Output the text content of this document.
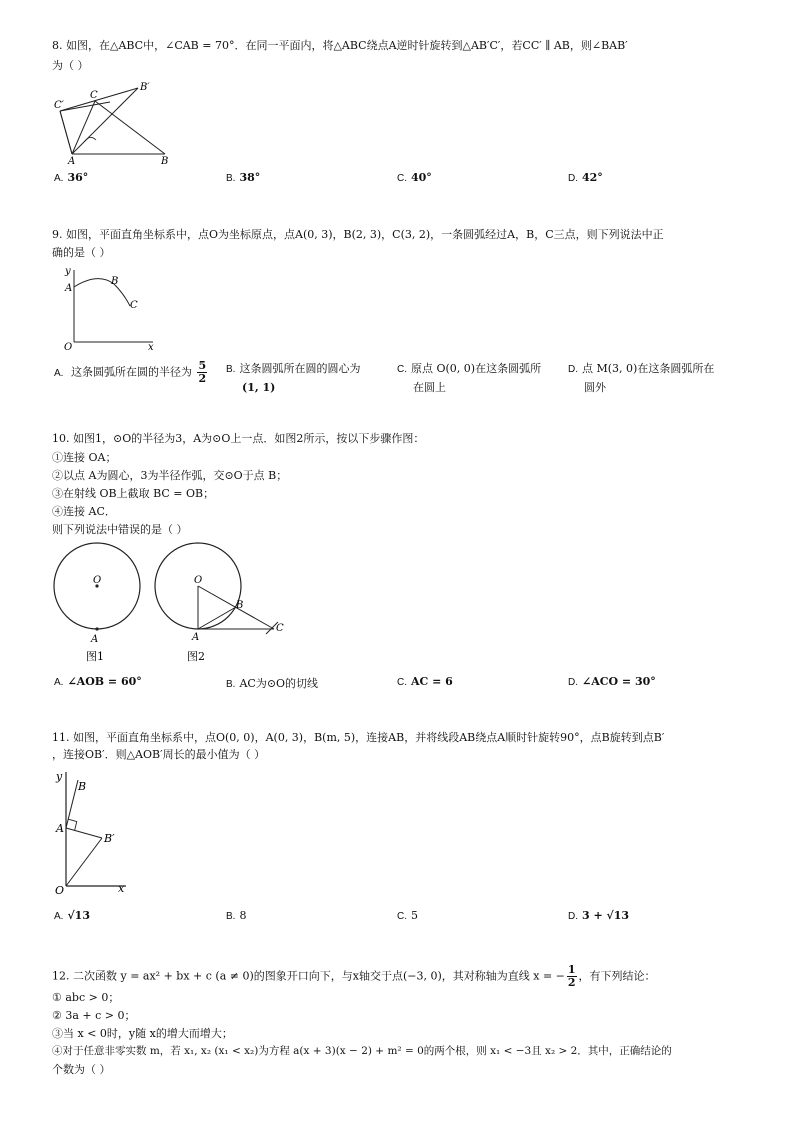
8. 如图，在△ABC中，∠CAB = 70°．在同一平面内，将△ABC绕点A逆时针旋转到△AB′C′，若CC′ ∥ AB，则∠BAB′
为（ ）
C′
B′
C
A	B
A. 36°	B. 38°	C. 40°	D. 42°
9. 如图，平面直角坐标系中，点O为坐标原点，点A(0, 3)，B(2, 3)，C(3, 2)，一条圆弧经过A，B，C三点，则下列说法中正
确的是（ ）
y
A
B
C
O	x
A. 这条圆弧所在圆的半径为 $\frac{5}{2} B$. 这条圆弧所在圆的圆心为
(1, 1)
C. 原点 O(0, 0)在这条圆弧所
在圆上
D. 点 M(3, 0)在这条圆弧所在
圆外
10. 如图1，⊙O的半径为3，A为⊙O上一点．如图2所示，按以下步骤作图：
①连接 OA；
②以点 A为圆心，3为半径作弧，交⊙O于点 B；
③在射线 OB上截取 BC = OB；
④连接 AC．
则下列说法中错误的是（ ）
O
A
图1
O
B
C
A
图2
A. ∠AOB = 60°	B. AC为⊙O的切线	C. AC = 6	D. ∠ACO = 30°
11. 如图，平面直角坐标系中，点O(0, 0)，A(0, 3)，B(m, 5)，连接AB，并将线段AB绕点A顺时针旋转90°，点B旋转到点B′
，连接OB′．则△AOB′周长的最小值为（ ）
y
B
A
B′
O	x
A. √13	B. 8	C. 5	D. 3 + √13
12. 二次函数 y = ax² + bx + c (a ≠ 0)的图象开口向下，与x轴交于点(−3, 0)，其对称轴为直线 x = − $\frac{1}{2}$ ，有下列结论：
① abc > 0；
② 3a + c > 0；
③当 x < 0时，y随 x的增大而增大；
④对于任意非零实数 m，若 x₁, x₂ (x₁ < x₂)为方程 a(x + 3)(x − 2) + m² = 0的两个根，则 x₁ < −3且 x₂ > 2．其中，正确结论的
个数为（ ）
